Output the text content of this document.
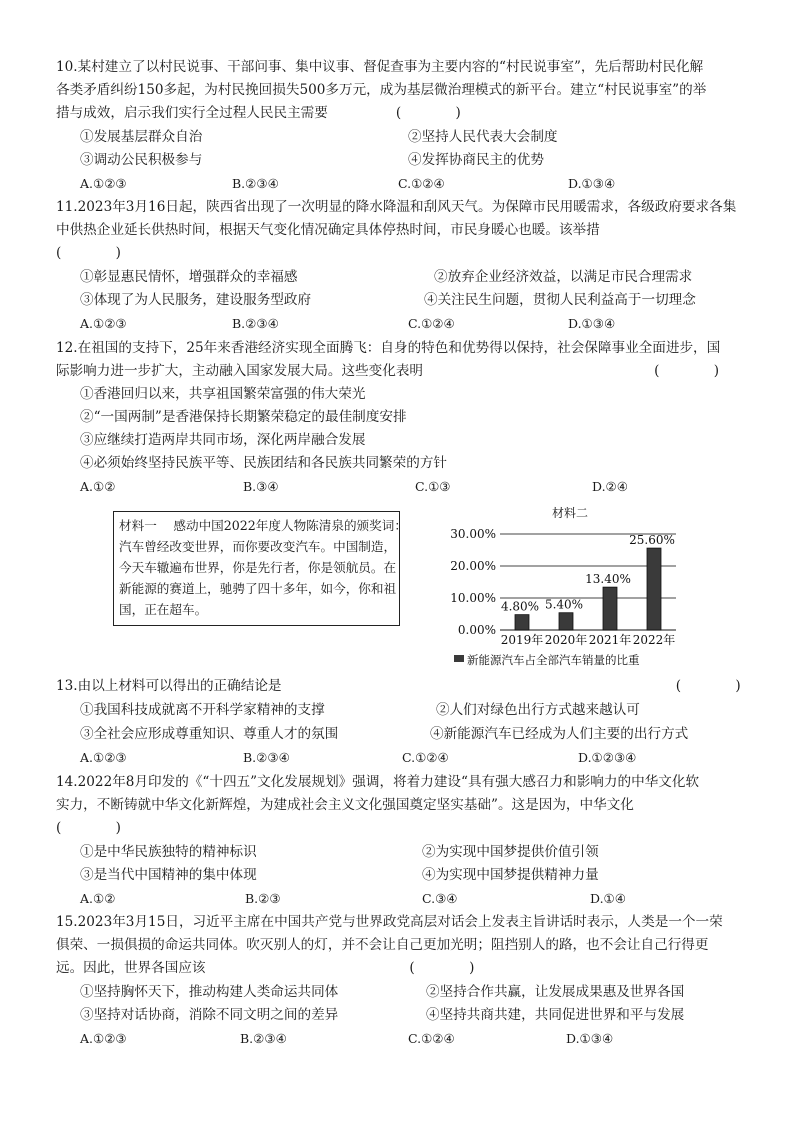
10.某村建立了以村民说事、干部问事、集中议事、督促查事为主要内容的“村民说事室”，先后帮助村民化解
各类矛盾纠纷150多起，为村民挽回损失500多万元，成为基层微治理模式的新平台。建立“村民说事室”的举
措与成效，启示我们实行全过程人民民主需要　　　　　(　　　　)
①发展基层群众自治	②坚持人民代表大会制度
③调动公民积极参与	④发挥协商民主的优势
A.①②③	B.②③④	C.①②④	D.①③④
11.2023年3月16日起，陕西省出现了一次明显的降水降温和刮风天气。为保障市民用暖需求，各级政府要求各集
中供热企业延长供热时间，根据天气变化情况确定具体停热时间，市民身暖心也暖。该举措
(　　　　)
①彰显惠民情怀，增强群众的幸福感	②放弃企业经济效益，以满足市民合理需求
③体现了为人民服务，建设服务型政府	④关注民生问题，贯彻人民利益高于一切理念
A.①②③	B.②③④	C.①②④	D.①③④
12.在祖国的支持下，25年来香港经济实现全面腾飞：自身的特色和优势得以保持，社会保障事业全面进步，国
际影响力进一步扩大，主动融入国家发展大局。这些变化表明　　　　　　　　　　　　　　　　　(　　　　)
①香港回归以来，共享祖国繁荣富强的伟大荣光
②“一国两制”是香港保持长期繁荣稳定的最佳制度安排
③应继续打造两岸共同市场，深化两岸融合发展
④必须始终坚持民族平等、民族团结和各民族共同繁荣的方针
A.①②	B.③④	C.①③	D.②④
材料一　 感动中国2022年度人物陈清泉的颁奖词：
汽车曾经改变世界，而你要改变汽车。中国制造，
今天车辙遍布世界，你是先行者，你是领航员。在
新能源的赛道上，驰骋了四十多年，如今，你和祖
国，正在超车。
材料二
0.00%
10.00%
20.00%
30.00%
4.80% 5.40%
13.40%
25.60%
2019年 2020年 2021年 2022年
新能源汽车占全部汽车销量的比重
13.由以上材料可以得出的正确结论是　　　　　　　　　　　　　　　　　　　　　　　　　　　　　(　　　　)
①我国科技成就离不开科学家精神的支撑	②人们对绿色出行方式越来越认可
③全社会应形成尊重知识、尊重人才的氛围	④新能源汽车已经成为人们主要的出行方式
A.①②③	B.②③④	C.①②④	D.①②③④
14.2022年8月印发的《“十四五”文化发展规划》强调，将着力建设“具有强大感召力和影响力的中华文化软
实力，不断铸就中华文化新辉煌，为建成社会主义文化强国奠定坚实基础”。这是因为，中华文化
(　　　　)
①是中华民族独特的精神标识	②为实现中国梦提供价值引领
③是当代中国精神的集中体现	④为实现中国梦提供精神力量
A.①②	B.②③	C.③④	D.①④
15.2023年3月15日，习近平主席在中国共产党与世界政党高层对话会上发表主旨讲话时表示，人类是一个一荣
俱荣、一损俱损的命运共同体。吹灭别人的灯，并不会让自己更加光明；阻挡别人的路，也不会让自己行得更
远。因此，世界各国应该　　　　　　　　　　　　　　　(　　　　)
①坚持胸怀天下，推动构建人类命运共同体	②坚持合作共赢，让发展成果惠及世界各国
③坚持对话协商，消除不同文明之间的差异	④坚持共商共建，共同促进世界和平与发展
A.①②③	B.②③④	C.①②④	D.①③④
